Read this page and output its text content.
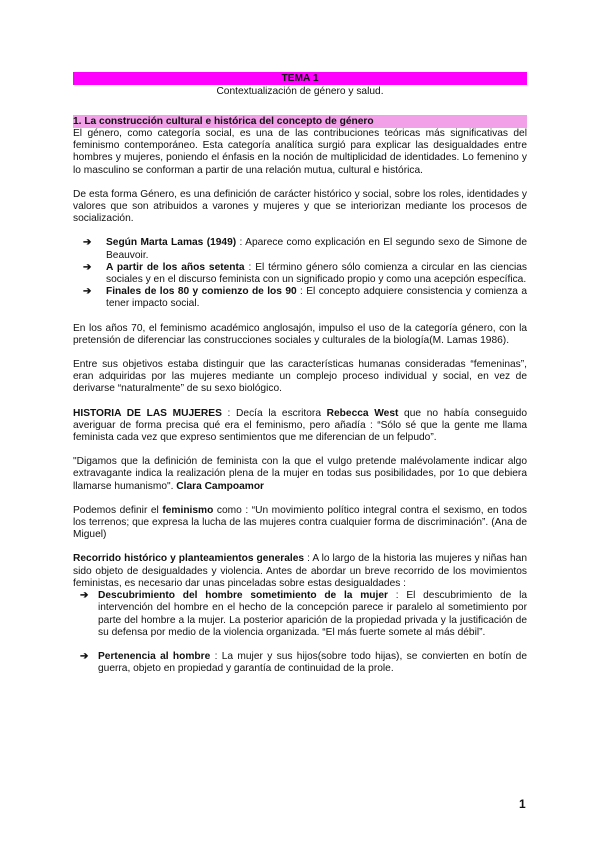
TEMA 1
Contextualización de género y salud.
1. La construcción cultural e histórica del concepto de género

El género, como categoría social, es una de las contribuciones teóricas más significativas del feminismo contemporáneo. Esta categoría analítica surgió para explicar las desigualdades entre hombres y mujeres, poniendo el énfasis en la noción de multiplicidad de identidades. Lo femenino y lo masculino se conforman a partir de una relación mutua, cultural e histórica.

De esta forma Género, es una definición de carácter histórico y social, sobre los roles, identidades y valores que son atribuidos a varones y mujeres y que se interiorizan mediante los procesos de socialización.

➔ Según Marta Lamas (1949) : Aparece como explicación en El segundo sexo de Simone de Beauvoir.
➔ A partir de los años setenta : El término género sólo comienza a circular en las ciencias sociales y en el discurso feminista con un significado propio y como una acepción específica.
➔ Finales de los 80 y comienzo de los 90 : El concepto adquiere consistencia y comienza a tener impacto social.

En los años 70, el feminismo académico anglosajón, impulso el uso de la categoría género, con la pretensión de diferenciar las construcciones sociales y culturales de la biología(M. Lamas 1986).

Entre sus objetivos estaba distinguir que las características humanas consideradas “femeninas”, eran adquiridas por las mujeres mediante un complejo proceso individual y social, en vez de derivarse “naturalmente” de su sexo biológico.

HISTORIA DE LAS MUJERES : Decía la escritora Rebecca West que no había conseguido averiguar de forma precisa qué era el feminismo, pero añadía : “Sólo sé que la gente me llama feminista cada vez que expreso sentimientos que me diferencian de un felpudo”.

"Digamos que la definición de feminista con la que el vulgo pretende malévolamente indicar algo extravagante indica la realización plena de la mujer en todas sus posibilidades, por 1o que debiera llamarse humanismo". Clara Campoamor

Podemos definir el feminismo como : “Un movimiento político integral contra el sexismo, en todos los terrenos; que expresa la lucha de las mujeres contra cualquier forma de discriminación”. (Ana de Miguel)

Recorrido histórico y planteamientos generales : A lo largo de la historia las mujeres y niñas han sido objeto de desigualdades y violencia. Antes de abordar un breve recorrido de los movimientos feministas, es necesario dar unas pinceladas sobre estas desigualdades :

➔ Descubrimiento del hombre sometimiento de la mujer : El descubrimiento de la intervención del hombre en el hecho de la concepción parece ir paralelo al sometimiento por parte del hombre a la mujer. La posterior aparición de la propiedad privada y la justificación de su defensa por medio de la violencia organizada. “El más fuerte somete al más débil”.
➔ Pertenencia al hombre : La mujer y sus hijos(sobre todo hijas), se convierten en botín de guerra, objeto en propiedad y garantía de continuidad de la prole.
1
